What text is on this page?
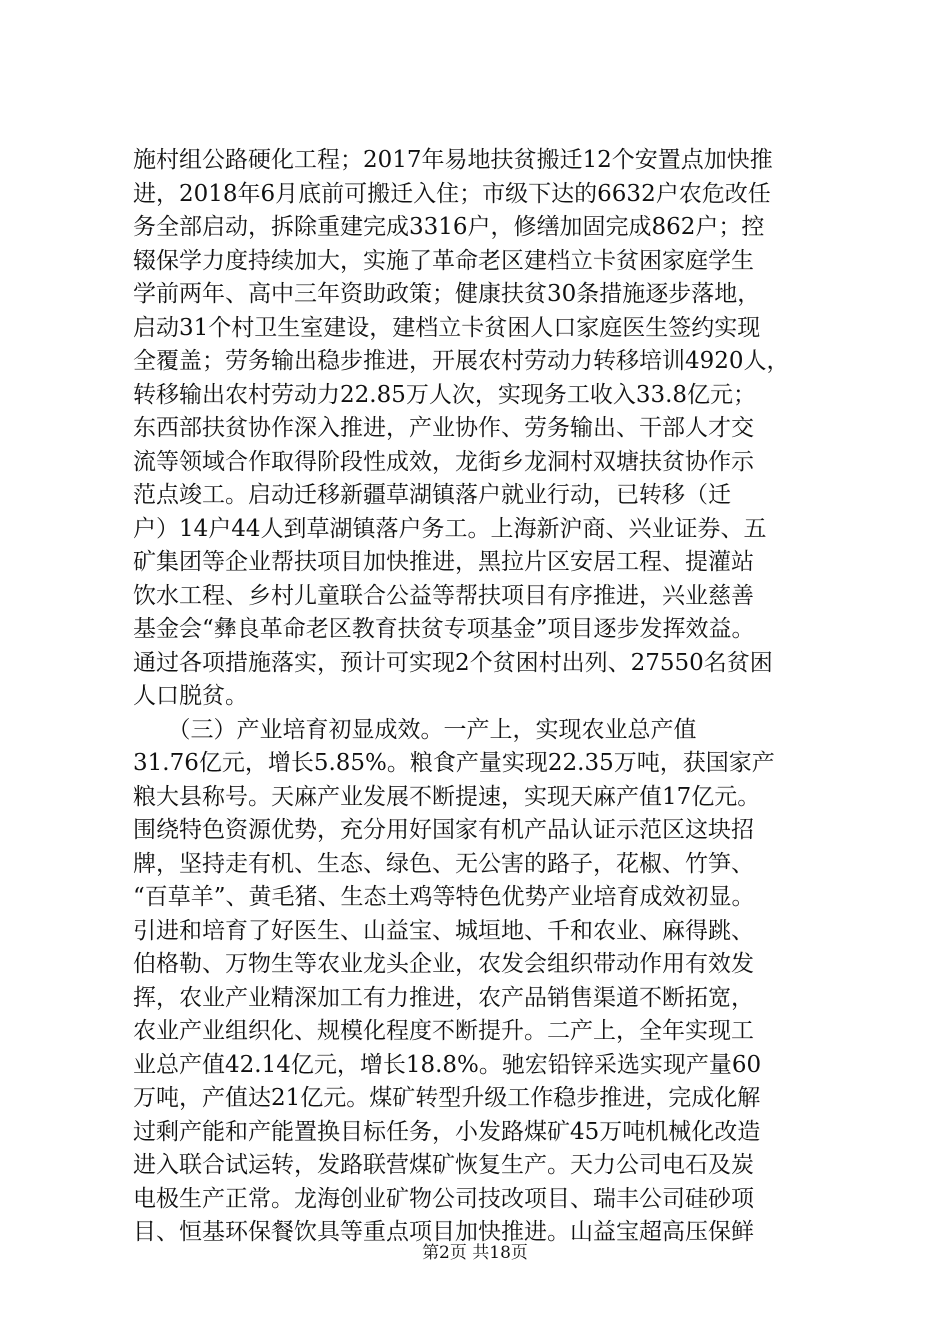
施村组公路硬化工程；2017年易地扶贫搬迁12个安置点加快推
进，2018年6月底前可搬迁入住；市级下达的6632户农危改任
务全部启动，拆除重建完成3316户，修缮加固完成862户；控
辍保学力度持续加大，实施了革命老区建档立卡贫困家庭学生
学前两年、高中三年资助政策；健康扶贫30条措施逐步落地，
启动31个村卫生室建设，建档立卡贫困人口家庭医生签约实现
全覆盖；劳务输出稳步推进，开展农村劳动力转移培训4920人，
转移输出农村劳动力22.85万人次，实现务工收入33.8亿元；
东西部扶贫协作深入推进，产业协作、劳务输出、干部人才交
流等领域合作取得阶段性成效，龙街乡龙洞村双塘扶贫协作示
范点竣工。启动迁移新疆草湖镇落户就业行动，已转移（迁
户）14户44人到草湖镇落户务工。上海新沪商、兴业证券、五
矿集团等企业帮扶项目加快推进，黑拉片区安居工程、提灌站
饮水工程、乡村儿童联合公益等帮扶项目有序推进，兴业慈善
基金会“彝良革命老区教育扶贫专项基金”项目逐步发挥效益。
通过各项措施落实，预计可实现2个贫困村出列、27550名贫困
人口脱贫。
　　（三）产业培育初显成效。一产上，实现农业总产值
31.76亿元，增长5.85%。粮食产量实现22.35万吨，获国家产
粮大县称号。天麻产业发展不断提速，实现天麻产值17亿元。
围绕特色资源优势，充分用好国家有机产品认证示范区这块招
牌，坚持走有机、生态、绿色、无公害的路子，花椒、竹笋、
“百草羊”、黄毛猪、生态土鸡等特色优势产业培育成效初显。
引进和培育了好医生、山益宝、城垣地、千和农业、麻得跳、
伯格勒、万物生等农业龙头企业，农发会组织带动作用有效发
挥，农业产业精深加工有力推进，农产品销售渠道不断拓宽，
农业产业组织化、规模化程度不断提升。二产上，全年实现工
业总产值42.14亿元，增长18.8%。驰宏铅锌采选实现产量60
万吨，产值达21亿元。煤矿转型升级工作稳步推进，完成化解
过剩产能和产能置换目标任务，小发路煤矿45万吨机械化改造
进入联合试运转，发路联营煤矿恢复生产。天力公司电石及炭
电极生产正常。龙海创业矿物公司技改项目、瑞丰公司硅砂项
目、恒基环保餐饮具等重点项目加快推进。山益宝超高压保鲜
第2页 共18页
